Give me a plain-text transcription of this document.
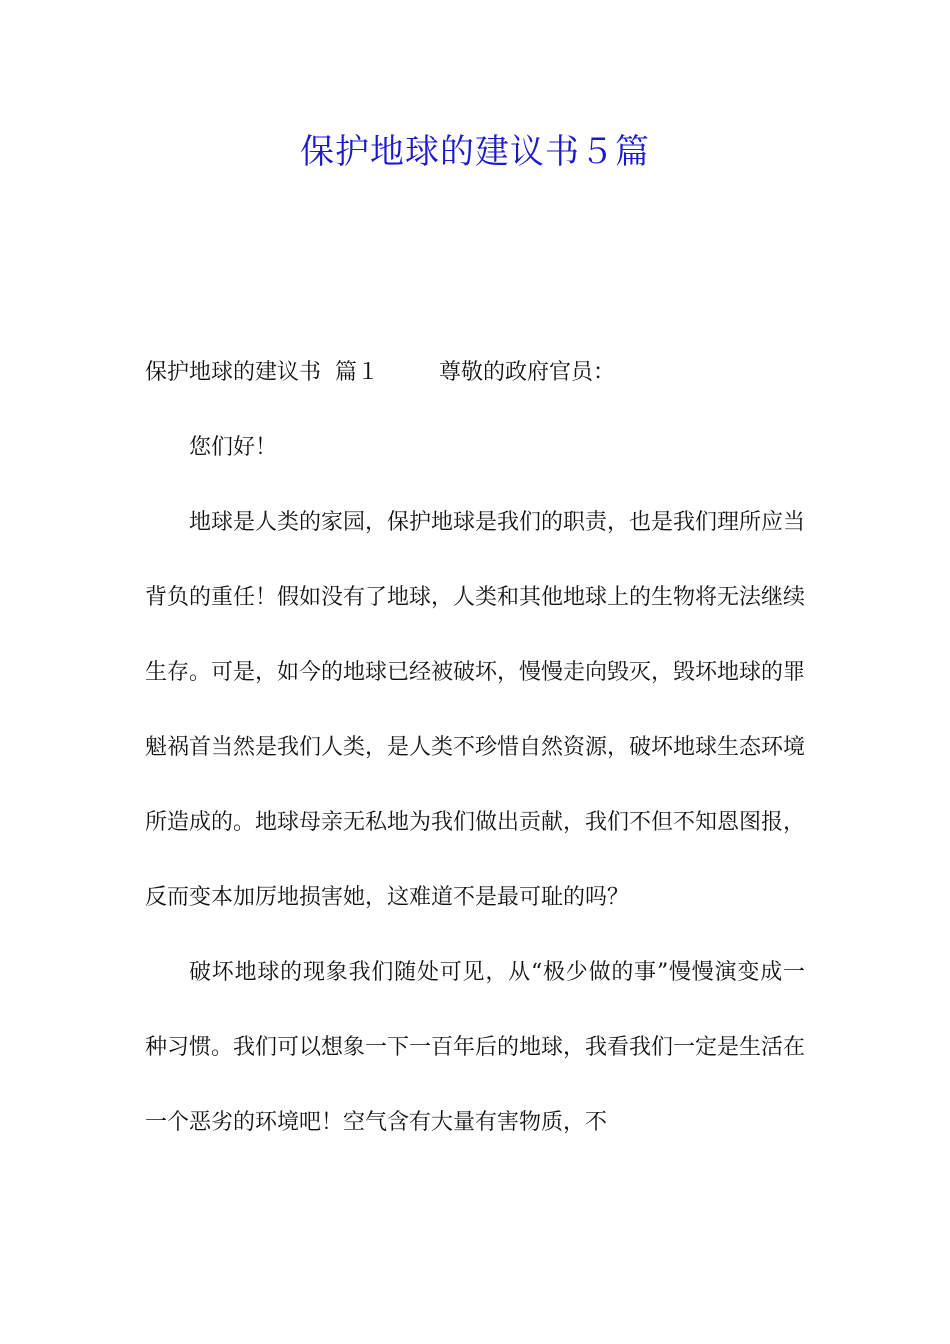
保护地球的建议书５篇

保护地球的建议书 篇１	尊敬的政府官员：

您们好！

地球是人类的家园，保护地球是我们的职责，也是我们理所应当背负的重任！假如没有了地球，人类和其他地球上的生物将无法继续生存。可是，如今的地球已经被破坏，慢慢走向毁灭，毁坏地球的罪魁祸首当然是我们人类，是人类不珍惜自然资源，破坏地球生态环境所造成的。地球母亲无私地为我们做出贡献，我们不但不知恩图报，反而变本加厉地损害她，这难道不是最可耻的吗？

破坏地球的现象我们随处可见，从“极少做的事”慢慢演变成一种习惯。我们可以想象一下一百年后的地球，我看我们一定是生活在一个恶劣的环境吧！空气含有大量有害物质，不
